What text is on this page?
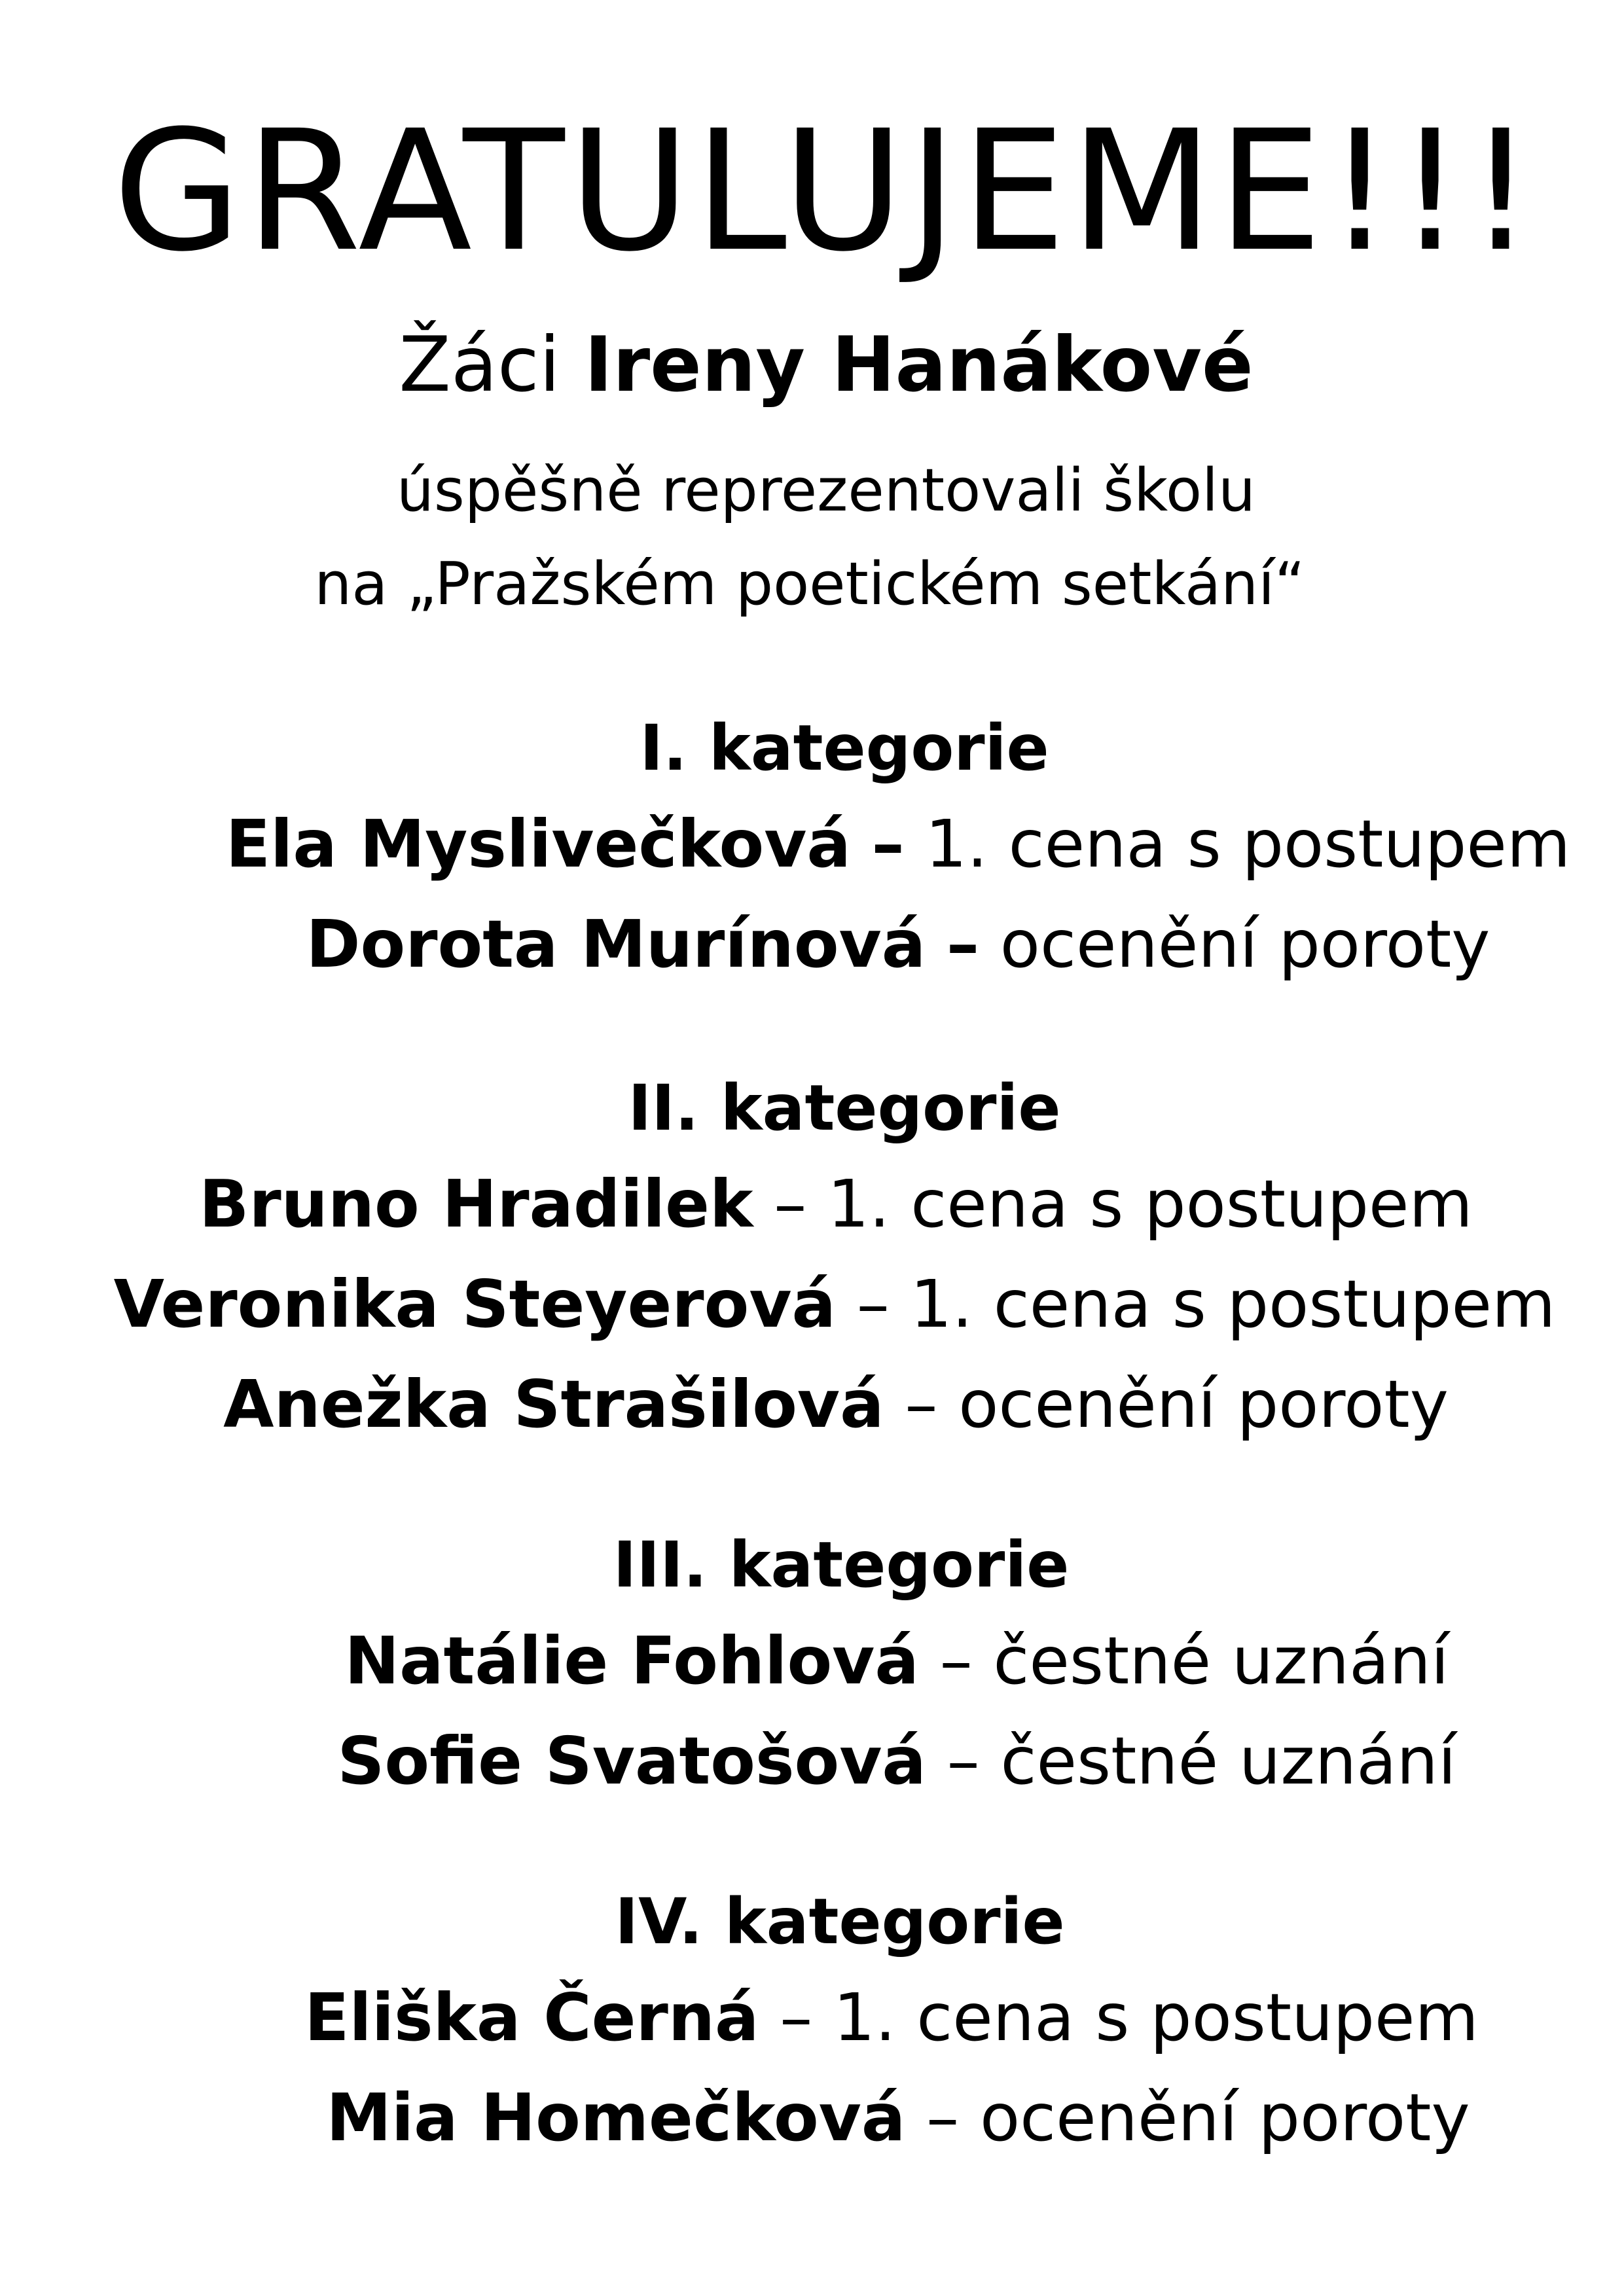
GRATULUJEME!!!
Žáci Ireny Hanákové
úspěšně reprezentovali školu
na „Pražském poetickém setkání“
I. kategorie
Ela Myslivečková – 1. cena s postupem
Dorota Murínová – ocenění poroty
II. kategorie
Bruno Hradilek – 1. cena s postupem
Veronika Steyerová – 1. cena s postupem
Anežka Strašilová – ocenění poroty
III. kategorie
Natálie Fohlová – čestné uznání
Sofie Svatošová – čestné uznání
IV. kategorie
Eliška Černá – 1. cena s postupem
Mia Homečková – ocenění poroty
